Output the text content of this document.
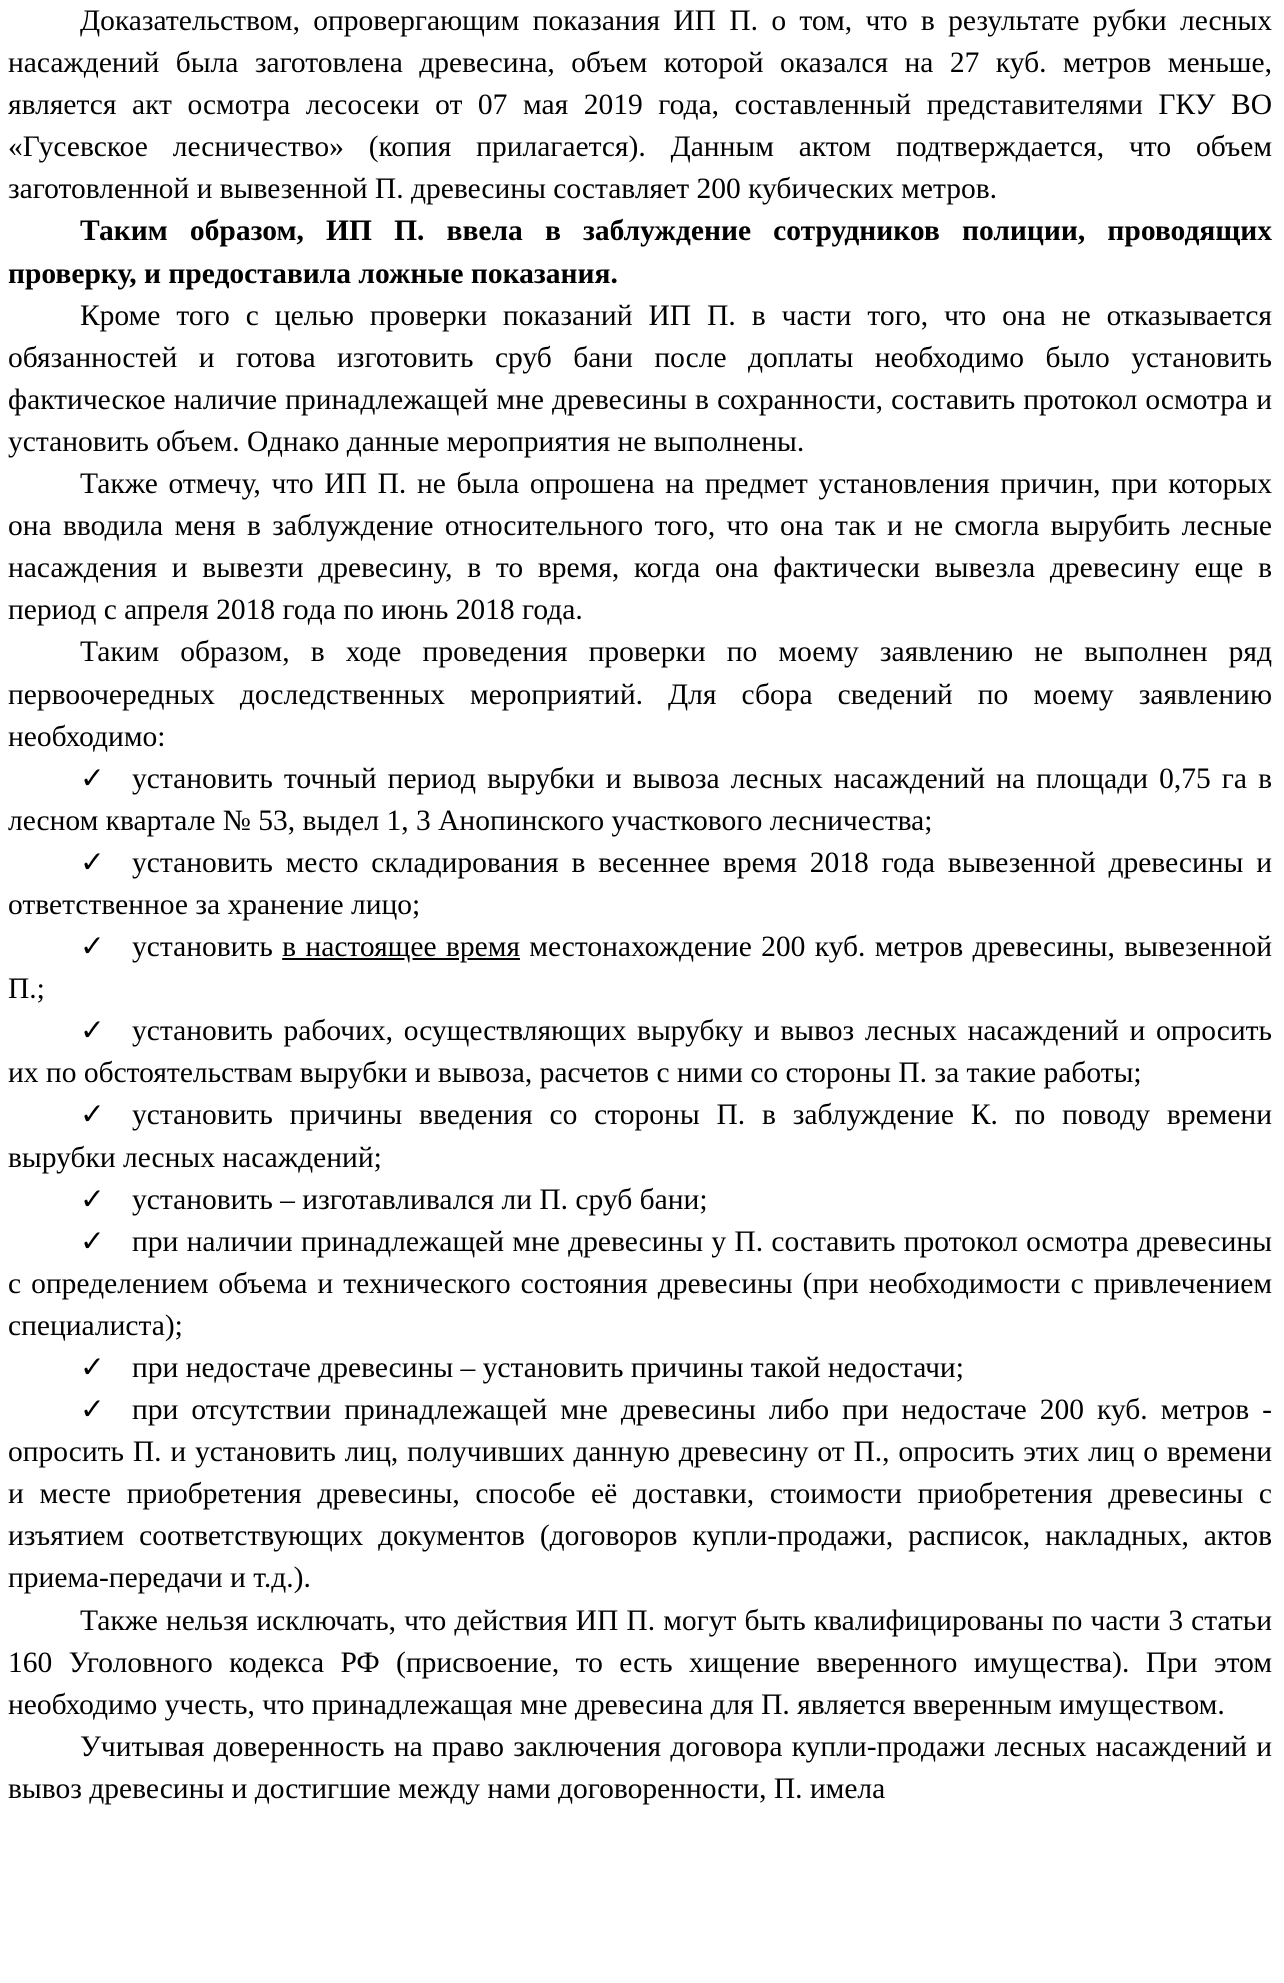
Доказательством, опровергающим показания ИП П. о том, что в результате рубки лесных насаждений была заготовлена древесина, объем которой оказался на 27 куб. метров меньше, является акт осмотра лесосеки от 07 мая 2019 года, составленный представителями ГКУ ВО «Гусевское лесничество» (копия прилагается). Данным актом подтверждается, что объем заготовленной и вывезенной П. древесины составляет 200 кубических метров.

Таким образом, ИП П. ввела в заблуждение сотрудников полиции, проводящих проверку, и предоставила ложные показания.

Кроме того с целью проверки показаний ИП П. в части того, что она не отказывается обязанностей и готова изготовить сруб бани после доплаты необходимо было установить фактическое наличие принадлежащей мне древесины в сохранности, составить протокол осмотра и установить объем. Однако данные мероприятия не выполнены.

Также отмечу, что ИП П. не была опрошена на предмет установления причин, при которых она вводила меня в заблуждение относительного того, что она так и не смогла вырубить лесные насаждения и вывезти древесину, в то время, когда она фактически вывезла древесину еще в период с апреля 2018 года по июнь 2018 года.

Таким образом, в ходе проведения проверки по моему заявлению не выполнен ряд первоочередных доследственных мероприятий. Для сбора сведений по моему заявлению необходимо:

✓ установить точный период вырубки и вывоза лесных насаждений на площади 0,75 га в лесном квартале № 53, выдел 1, 3 Анопинского участкового лесничества;

✓ установить место складирования в весеннее время 2018 года вывезенной древесины и ответственное за хранение лицо;

✓ установить в настоящее время местонахождение 200 куб. метров древесины, вывезенной П.;

✓ установить рабочих, осуществляющих вырубку и вывоз лесных насаждений и опросить их по обстоятельствам вырубки и вывоза, расчетов с ними со стороны П. за такие работы;

✓ установить причины введения со стороны П. в заблуждение К. по поводу времени вырубки лесных насаждений;

✓ установить – изготавливался ли П. сруб бани;

✓ при наличии принадлежащей мне древесины у П. составить протокол осмотра древесины с определением объема и технического состояния древесины (при необходимости с привлечением специалиста);

✓ при недостаче древесины – установить причины такой недостачи;

✓ при отсутствии принадлежащей мне древесины либо при недостаче 200 куб. метров - опросить П. и установить лиц, получивших данную древесину от П., опросить этих лиц о времени и месте приобретения древесины, способе её доставки, стоимости приобретения древесины с изъятием соответствующих документов (договоров купли-продажи, расписок, накладных, актов приема-передачи и т.д.).

Также нельзя исключать, что действия ИП П. могут быть квалифицированы по части 3 статьи 160 Уголовного кодекса РФ (присвоение, то есть хищение вверенного имущества). При этом необходимо учесть, что принадлежащая мне древесина для П. является вверенным имуществом.

Учитывая доверенность на право заключения договора купли-продажи лесных насаждений и вывоз древесины и достигшие между нами договоренности, П. имела
